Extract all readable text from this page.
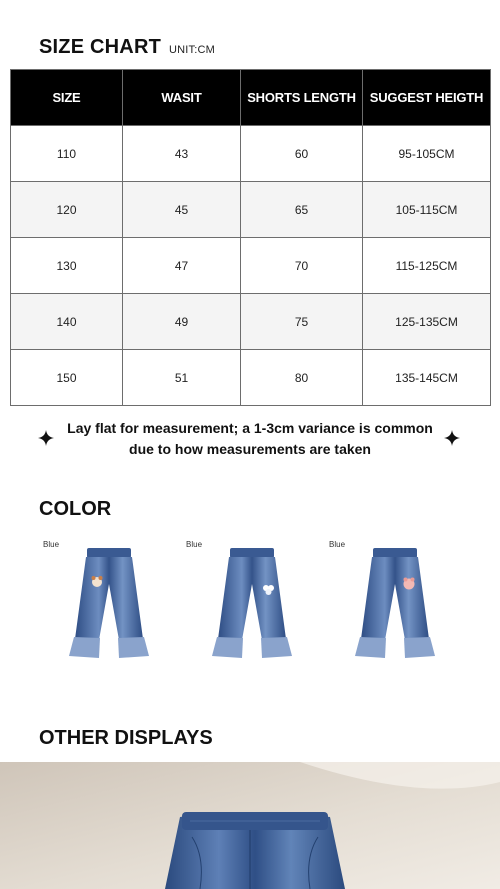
SIZE CHART UNIT:CM
SIZE	WASIT	SHORTS LENGTH	SUGGEST HEIGTH
110	43	60	95-105CM
120	45	65	105-115CM
130	47	70	115-125CM
140	49	75	125-135CM
150	51	80	135-145CM
Lay flat for measurement; a 1-3cm variance is common
due to how measurements are taken
COLOR
Blue	Blue	Blue
OTHER DISPLAYS
